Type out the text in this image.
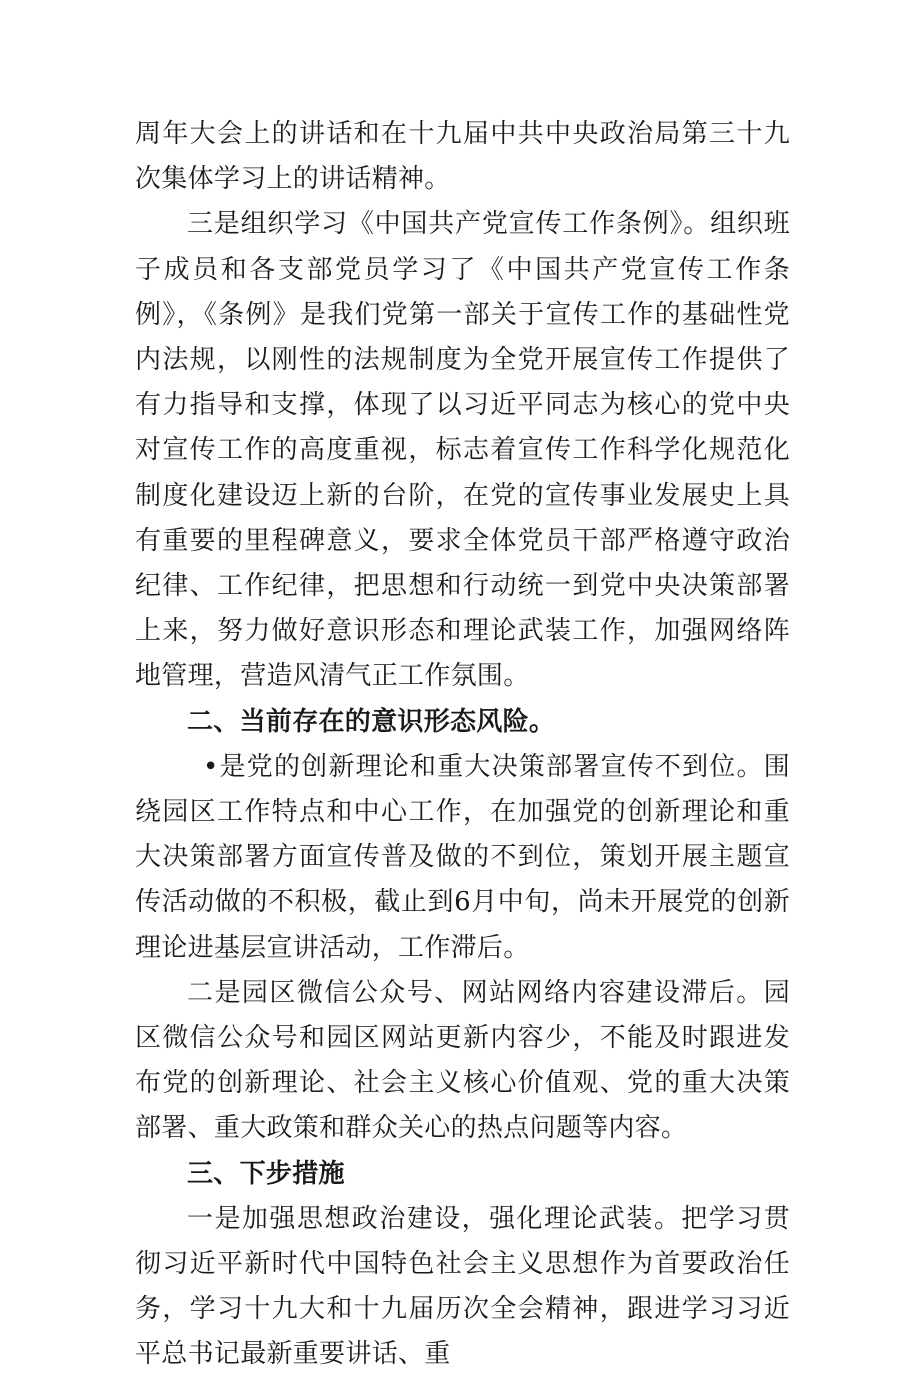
周年大会上的讲话和在十九届中共中央政治局第三十九次集体学习上的讲话精神。

三是组织学习《中国共产党宣传工作条例》。组织班子成员和各支部党员学习了《中国共产党宣传工作条例》，《条例》是我们党第一部关于宣传工作的基础性党内法规，以刚性的法规制度为全党开展宣传工作提供了有力指导和支撑，体现了以习近平同志为核心的党中央对宣传工作的高度重视，标志着宣传工作科学化规范化制度化建设迈上新的台阶，在党的宣传事业发展史上具有重要的里程碑意义，要求全体党员干部严格遵守政治纪律、工作纪律，把思想和行动统一到党中央决策部署上来，努力做好意识形态和理论武装工作，加强网络阵地管理，营造风清气正工作氛围。

二、当前存在的意识形态风险。

•是党的创新理论和重大决策部署宣传不到位。围绕园区工作特点和中心工作，在加强党的创新理论和重大决策部署方面宣传普及做的不到位，策划开展主题宣传活动做的不积极，截止到6月中旬，尚未开展党的创新理论进基层宣讲活动，工作滞后。

二是园区微信公众号、网站网络内容建设滞后。园区微信公众号和园区网站更新内容少，不能及时跟进发布党的创新理论、社会主义核心价值观、党的重大决策部署、重大政策和群众关心的热点问题等内容。

三、下步措施

一是加强思想政治建设，强化理论武装。把学习贯彻习近平新时代中国特色社会主义思想作为首要政治任务，学习十九大和十九届历次全会精神，跟进学习习近平总书记最新重要讲话、重
